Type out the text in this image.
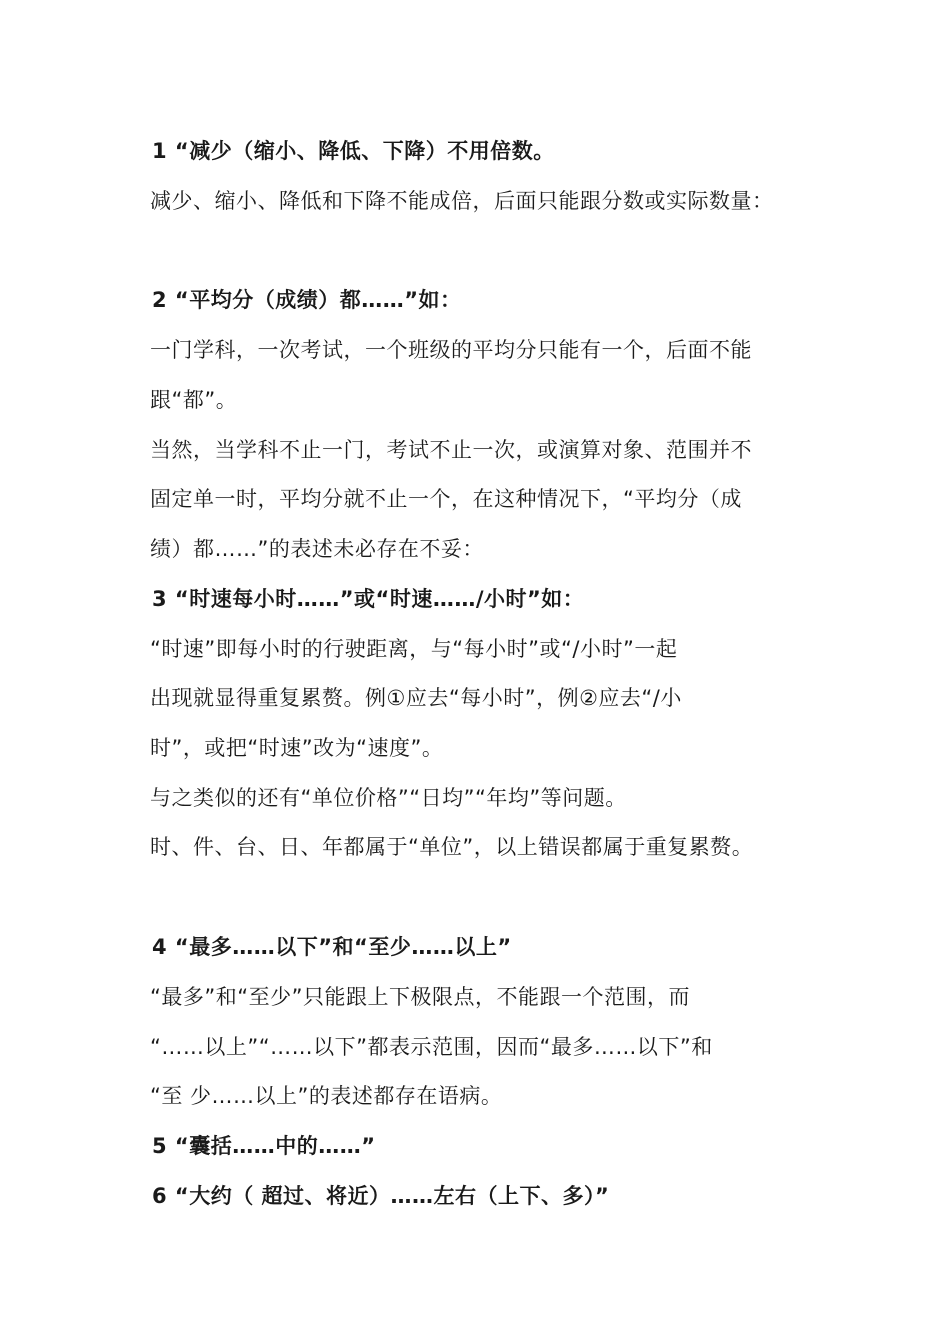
1 “减少（缩小、降低、下降）不用倍数。
减少、缩小、降低和下降不能成倍，后面只能跟分数或实际数量：
2 “平均分（成绩）都……”如：
一门学科，一次考试，一个班级的平均分只能有一个，后面不能
跟“都”。
当然，当学科不止一门，考试不止一次，或演算对象、范围并不
固定单一时，平均分就不止一个，在这种情况下，“平均分（成
绩）都……”的表述未必存在不妥：
3 “时速每小时……”或“时速……/小时”如：
“时速”即每小时的行驶距离，与“每小时”或“/小时”一起
出现就显得重复累赘。例①应去“每小时”，例②应去“/小
时”，或把“时速”改为“速度”。
与之类似的还有“单位价格”“日均”“年均”等问题。
时、件、台、日、年都属于“单位”，以上错误都属于重复累赘。
4 “最多……以下”和“至少……以上”
“最多”和“至少”只能跟上下极限点，不能跟一个范围，而
“……以上”“……以下”都表示范围，因而“最多……以下”和
“至 少……以上”的表述都存在语病。
5 “囊括……中的……”
6 “大约（ 超过、将近）……左右（上下、多）”
